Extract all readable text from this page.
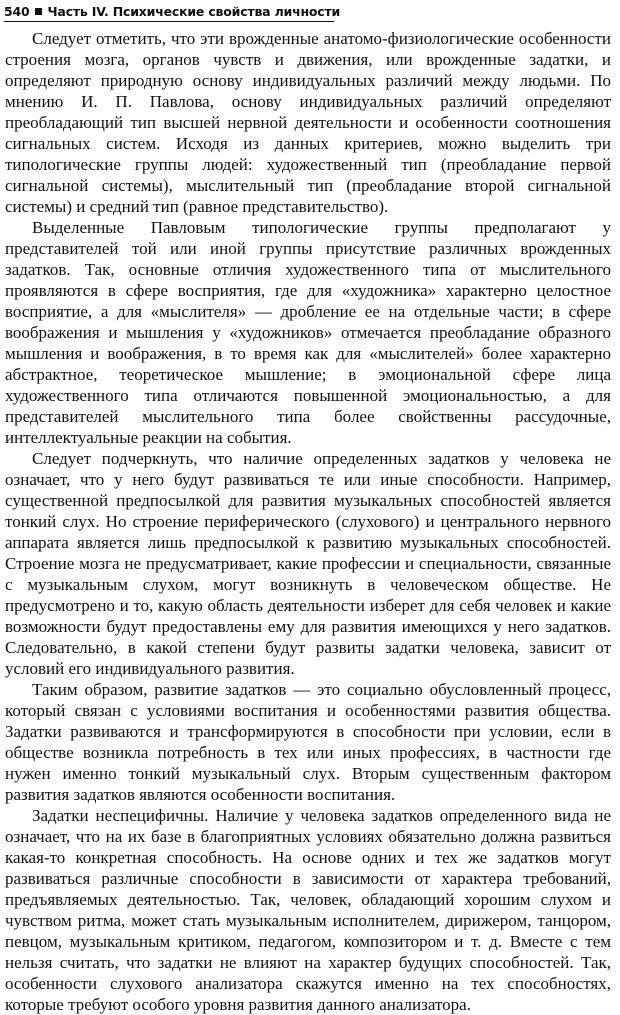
540 Часть IV. Психические свойства личности

Следует отметить, что эти врожденные анатомо-физиологические особенности строения мозга, органов чувств и движения, или врожденные задатки, и определяют природную основу индивидуальных различий между людьми. По мнению И. П. Павлова, основу индивидуальных различий определяют преобладающий тип высшей нервной деятельности и особенности соотношения сигнальных систем. Исходя из данных критериев, можно выделить три типологические группы людей: художественный тип (преобладание первой сигнальной системы), мыслительный тип (преобладание второй сигнальной системы) и средний тип (равное представительство).

Выделенные Павловым типологические группы предполагают у представителей той или иной группы присутствие различных врожденных задатков. Так, основные отличия художественного типа от мыслительного проявляются в сфере восприятия, где для «художника» характерно целостное восприятие, а для «мыслителя» — дробление ее на отдельные части; в сфере воображения и мышления у «художников» отмечается преобладание образного мышления и воображения, в то время как для «мыслителей» более характерно абстрактное, теоретическое мышление; в эмоциональной сфере лица художественного типа отличаются повышенной эмоциональностью, а для представителей мыслительного типа более свойственны рассудочные, интеллектуальные реакции на события.

Следует подчеркнуть, что наличие определенных задатков у человека не означает, что у него будут развиваться те или иные способности. Например, существенной предпосылкой для развития музыкальных способностей является тонкий слух. Но строение периферического (слухового) и центрального нервного аппарата является лишь предпосылкой к развитию музыкальных способностей. Строение мозга не предусматривает, какие профессии и специальности, связанные с музыкальным слухом, могут возникнуть в человеческом обществе. Не предусмотрено и то, какую область деятельности изберет для себя человек и какие возможности будут предоставлены ему для развития имеющихся у него задатков. Следовательно, в какой степени будут развиты задатки человека, зависит от условий его индивидуального развития.

Таким образом, развитие задатков — это социально обусловленный процесс, который связан с условиями воспитания и особенностями развития общества. Задатки развиваются и трансформируются в способности при условии, если в обществе возникла потребность в тех или иных профессиях, в частности где нужен именно тонкий музыкальный слух. Вторым существенным фактором развития задатков являются особенности воспитания.

Задатки неспецифичны. Наличие у человека задатков определенного вида не означает, что на их базе в благоприятных условиях обязательно должна развиться какая-то конкретная способность. На основе одних и тех же задатков могут развиваться различные способности в зависимости от характера требований, предъявляемых деятельностью. Так, человек, обладающий хорошим слухом и чувством ритма, может стать музыкальным исполнителем, дирижером, танцором, певцом, музыкальным критиком, педагогом, композитором и т. д. Вместе с тем нельзя считать, что задатки не влияют на характер будущих способностей. Так, особенности слухового анализатора скажутся именно на тех способностях, которые требуют особого уровня развития данного анализатора.
